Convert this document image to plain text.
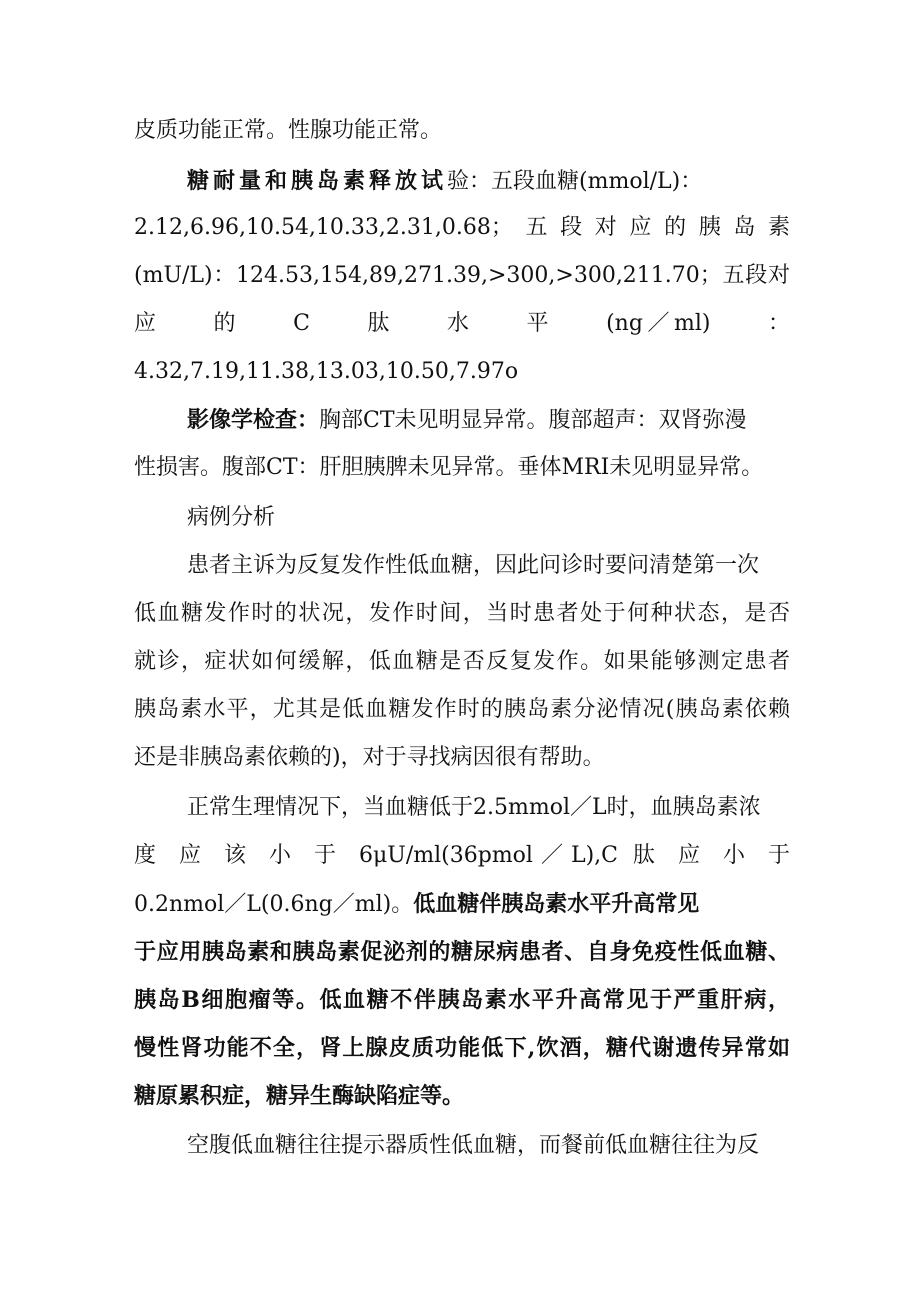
皮质功能正常。性腺功能正常。
糖耐量和胰岛素释放试验：五段血糖(mmol/L)：
2.12,6.96,10.54,10.33,2.31,0.68；五段对应的胰岛素
(mU/L)：124.53,154,89,271.39,>300,>300,211.70；五段对
应　　的　　C　　肽　　水　　平　　(ng／ml)　　：
4.32,7.19,11.38,13.03,10.50,7.97o
影像学检查：胸部CT未见明显异常。腹部超声：双肾弥漫
性损害。腹部CT：肝胆胰脾未见异常。垂体MRI未见明显异常。
病例分析
患者主诉为反复发作性低血糖，因此问诊时要问清楚第一次
低血糖发作时的状况，发作时间，当时患者处于何种状态，是否
就诊，症状如何缓解，低血糖是否反复发作。如果能够测定患者
胰岛素水平，尤其是低血糖发作时的胰岛素分泌情况(胰岛素依赖
还是非胰岛素依赖的)，对于寻找病因很有帮助。
正常生理情况下，当血糖低于2.5mmol／L时，血胰岛素浓
度 应 该 小 于 6μU/ml(36pmol／L),C 肽 应 小 于
0.2nmol／L(0.6ng／ml)。低血糖伴胰岛素水平升高常见
于应用胰岛素和胰岛素促泌剂的糖尿病患者、自身免疫性低血糖、
胰岛B细胞瘤等。低血糖不伴胰岛素水平升高常见于严重肝病，
慢性肾功能不全，肾上腺皮质功能低下,饮酒，糖代谢遗传异常如
糖原累积症，糖异生酶缺陷症等。
空腹低血糖往往提示器质性低血糖，而餐前低血糖往往为反
